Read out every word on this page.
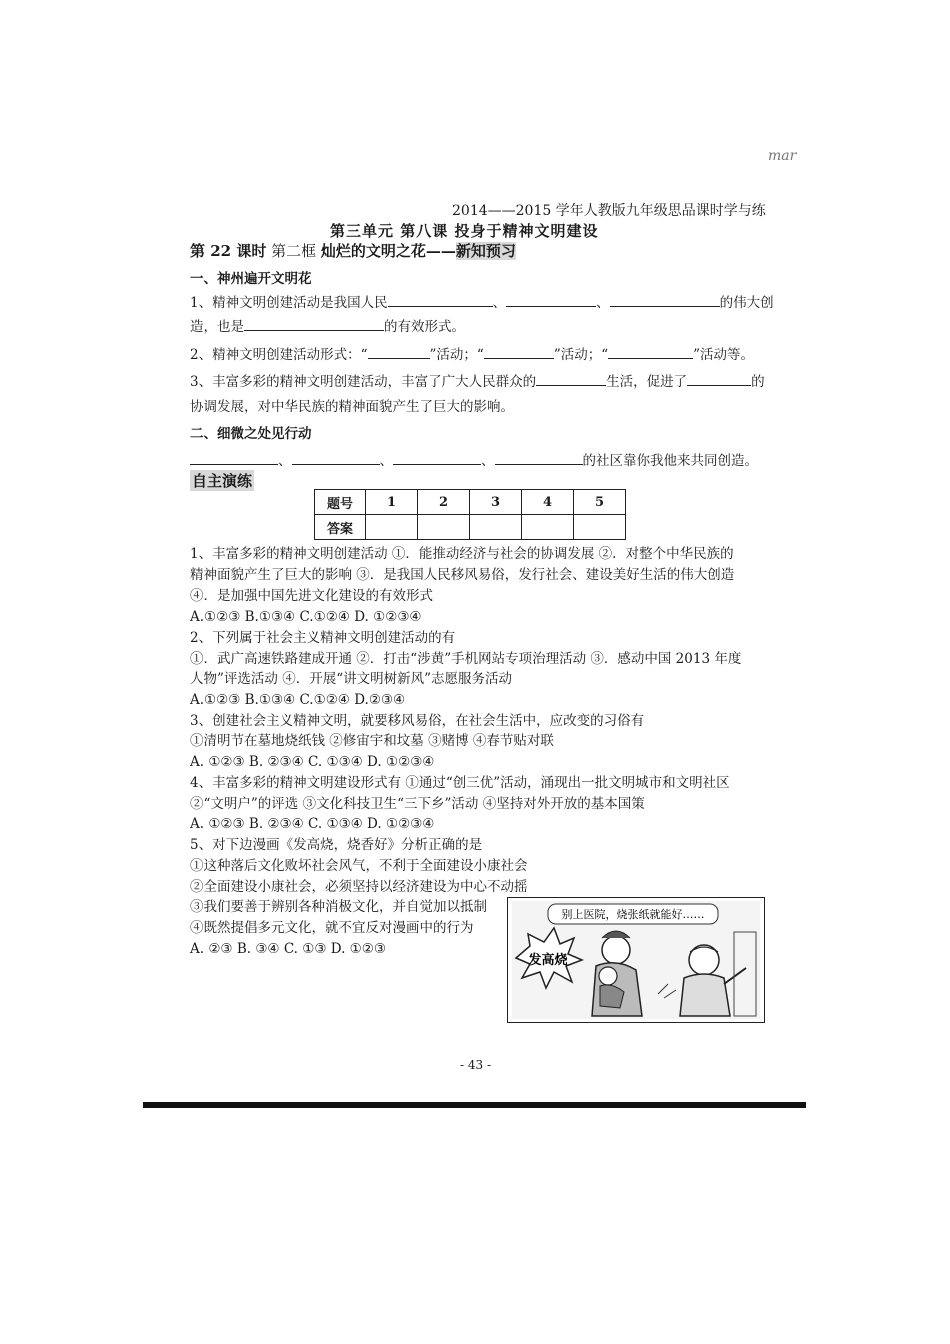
mar
2014——2015 学年人教版九年级思品课时学与练
第三单元 第八课 投身于精神文明建设
第 22 课时 第二框 灿烂的文明之花——新知预习
一、神州遍开文明花
1、精神文明创建活动是我国人民	、	、	的伟大创
造，也是	的有效形式。
2、精神文明创建活动形式：“	”活动；“	”活动；“	”活动等。
3、丰富多彩的精神文明创建活动，丰富了广大人民群众的	生活，促进了	的
协调发展，对中华民族的精神面貌产生了巨大的影响。
二、细微之处见行动
、	、	、	的社区靠你我他来共同创造。
自主演练
题号	1	2	3	4	5
答案					
1、丰富多彩的精神文明创建活动 ①．能推动经济与社会的协调发展 ②．对整个中华民族的
精神面貌产生了巨大的影响 ③．是我国人民移风易俗，发行社会、建设美好生活的伟大创造
④．是加强中国先进文化建设的有效形式
A.①②③ B.①③④ C.①②④ D. ①②③④
2、下列属于社会主义精神文明创建活动的有
①．武广高速铁路建成开通 ②．打击“涉黄”手机网站专项治理活动 ③．感动中国 2013 年度
人物”评选活动 ④．开展“讲文明树新风”志愿服务活动
A.①②③ B.①③④ C.①②④ D.②③④
3、创建社会主义精神文明，就要移风易俗，在社会生活中，应改变的习俗有
①清明节在墓地烧纸钱 ②修宙宇和坟墓 ③赌博 ④春节贴对联
A. ①②③ B. ②③④ C. ①③④ D. ①②③④
4、丰富多彩的精神文明建设形式有 ①通过“创三优”活动，涌现出一批文明城市和文明社区
②“文明户”的评选 ③文化科技卫生“三下乡”活动 ④坚持对外开放的基本国策
A. ①②③ B. ②③④ C. ①③④ D. ①②③④
5、对下边漫画《发高烧，烧香好》分析正确的是
①这种落后文化败坏社会风气，不利于全面建设小康社会
②全面建设小康社会，必须坚持以经济建设为中心不动摇
③我们要善于辨别各种消极文化，并自觉加以抵制
④既然提倡多元文化，就不宜反对漫画中的行为
A. ②③ B. ③④ C. ①③ D. ①②③
别上医院，烧张纸就能好……
发高烧
- 43 -
